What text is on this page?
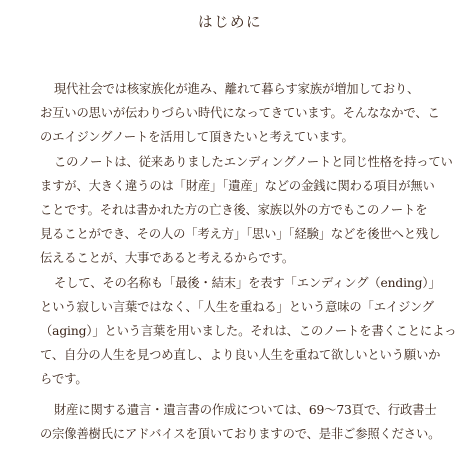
はじめに
現代社会では核家族化が進み、離れて暮らす家族が増加しており、
お互いの思いが伝わりづらい時代になってきています。そんななかで、こ
のエイジングノートを活用して頂きたいと考えています。
このノートは、従来ありましたエンディングノートと同じ性格を持ってい
ますが、大きく違うのは「財産」「遺産」などの金銭に関わる項目が無い
ことです。それは書かれた方の亡き後、家族以外の方でもこのノートを
見ることができ、その人の「考え方」「思い」「経験」などを後世へと残し
伝えることが、大事であると考えるからです。
そして、その名称も「最後・結末」を表す「エンディング（ending）」
という寂しい言葉ではなく、「人生を重ねる」という意味の「エイジング
（aging）」という言葉を用いました。それは、このノートを書くことによっ
て、自分の人生を見つめ直し、より良い人生を重ねて欲しいという願いか
らです。
財産に関する遺言・遺言書の作成については、69〜73頁で、行政書士
の宗像善樹氏にアドバイスを頂いておりますので、是非ご参照ください。
